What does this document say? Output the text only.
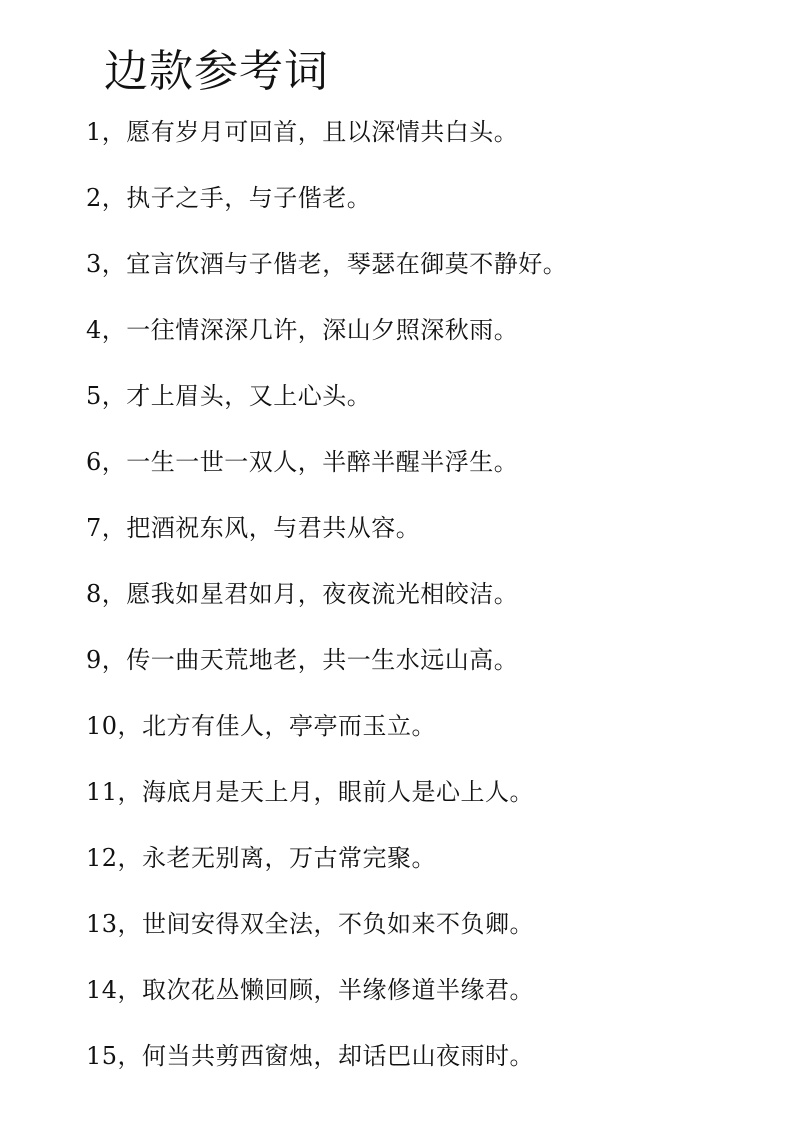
边款参考词
1，愿有岁月可回首，且以深情共白头。
2，执子之手，与子偕老。
3，宜言饮酒与子偕老，琴瑟在御莫不静好。
4，一往情深深几许，深山夕照深秋雨。
5，才上眉头，又上心头。
6，一生一世一双人，半醉半醒半浮生。
7，把酒祝东风，与君共从容。
8，愿我如星君如月，夜夜流光相皎洁。
9，传一曲天荒地老，共一生水远山高。
10，北方有佳人，亭亭而玉立。
11，海底月是天上月，眼前人是心上人。
12，永老无别离，万古常完聚。
13，世间安得双全法，不负如来不负卿。
14，取次花丛懒回顾，半缘修道半缘君。
15，何当共剪西窗烛，却话巴山夜雨时。
